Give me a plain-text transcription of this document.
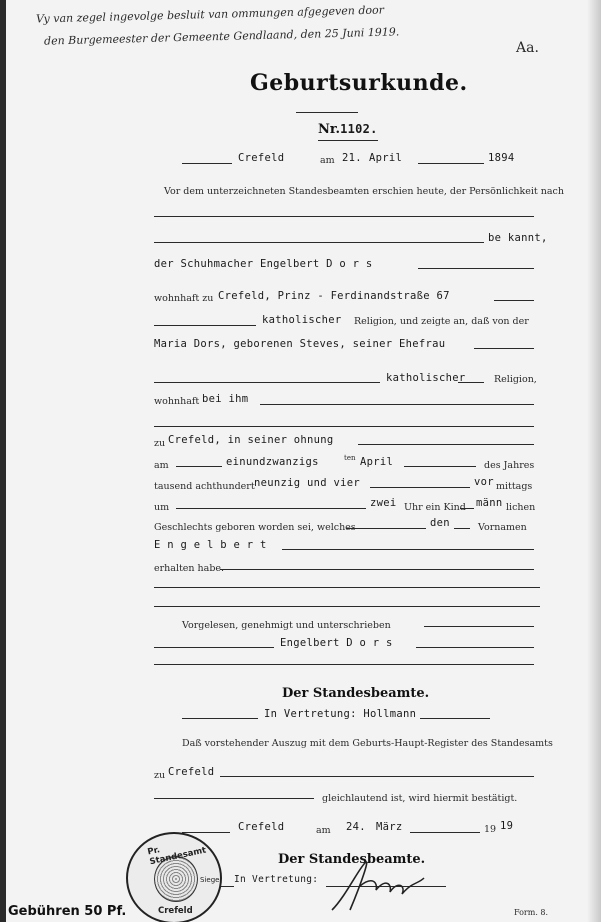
Vy van zegel ingevolge besluit van ommungen afgegeven door
den Burgemeester der Gemeente Gendlaand, den 25 Juni 1919.
Aa.
Geburtsurkunde.
Nr.1102.
Crefeld	am 21. April	1894
Vor dem unterzeichneten Standesbeamten erschien heute, der Persönlichkeit nach
be kannt,
der Schuhmacher Engelbert D o r s
wohnhaft zu Crefeld, Prinz - Ferdinandstraße 67
katholischer Religion, und zeigte an, daß von der
Maria Dors, geborenen Steves, seiner Ehefrau
katholischer	Religion,
wohnhaft bei ihm
zu Crefeld, in seiner ohnung
am	einundzwanzigs	ten April	des Jahres
tausend achthundert neunzig und vier	vor mittags
um	zwei Uhr ein Kind männ lichen
Geschlechts geboren worden sei, welches	den	Vornamen
E n g e l b e r t
erhalten habe.
Vorgelesen, genehmigt und unterschrieben
Engelbert D o r s
Der Standesbeamte.
In Vertretung: Hollmann
Daß vorstehender Auszug mit dem Geburts-Haupt-Register des Standesamts
zu Crefeld
gleichlautend ist, wird hiermit bestätigt.
Crefeld	am 24. März	19 19
Der Standesbeamte.
In Vertretung:
Pr. Standesamt
Crefeld
Siegel
Gebühren 50 Pf.	Form. 8.
